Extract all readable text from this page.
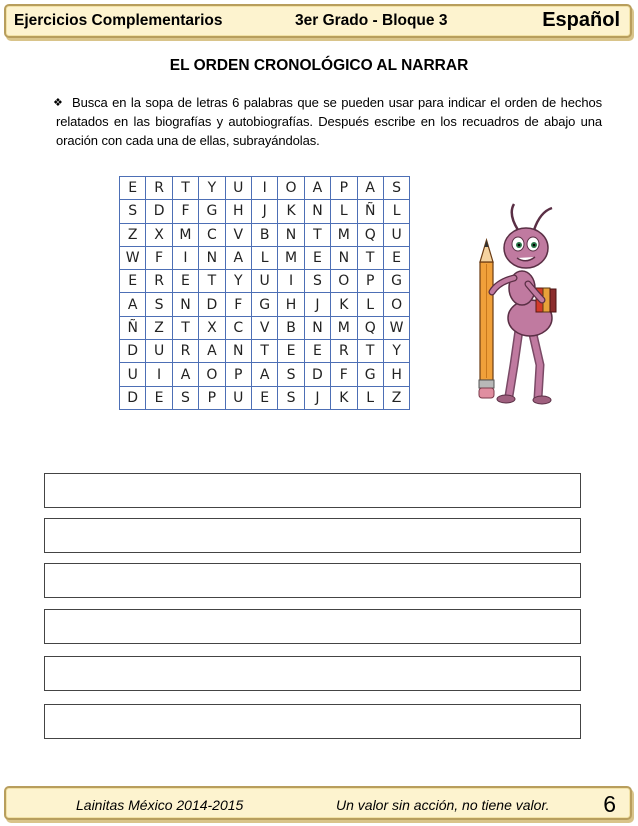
Ejercicios Complementarios	3er Grado - Bloque 3	Español
EL ORDEN CRONOLÓGICO AL NARRAR
❖ Busca en la sopa de letras 6 palabras que se pueden usar para indicar el orden de hechos relatados en las biografías y autobiografías. Después escribe en los recuadros de abajo una oración con cada una de ellas, subrayándolas.

E	R	T	Y	U	I	O	A	P	A	S
S	D	F	G	H	J	K	N	L	Ñ	L
Z	X	M	C	V	B	N	T	M	Q	U
W	F	I	N	A	L	M	E	N	T	E
E	R	E	T	Y	U	I	S	O	P	G
A	S	N	D	F	G	H	J	K	L	O
Ñ	Z	T	X	C	V	B	N	M	Q	W
D	U	R	A	N	T	E	E	R	T	Y
U	I	A	O	P	A	S	D	F	G	H
D	E	S	P	U	E	S	J	K	L	Z
Lainitas México 2014-2015	Un valor sin acción, no tiene valor. 6
